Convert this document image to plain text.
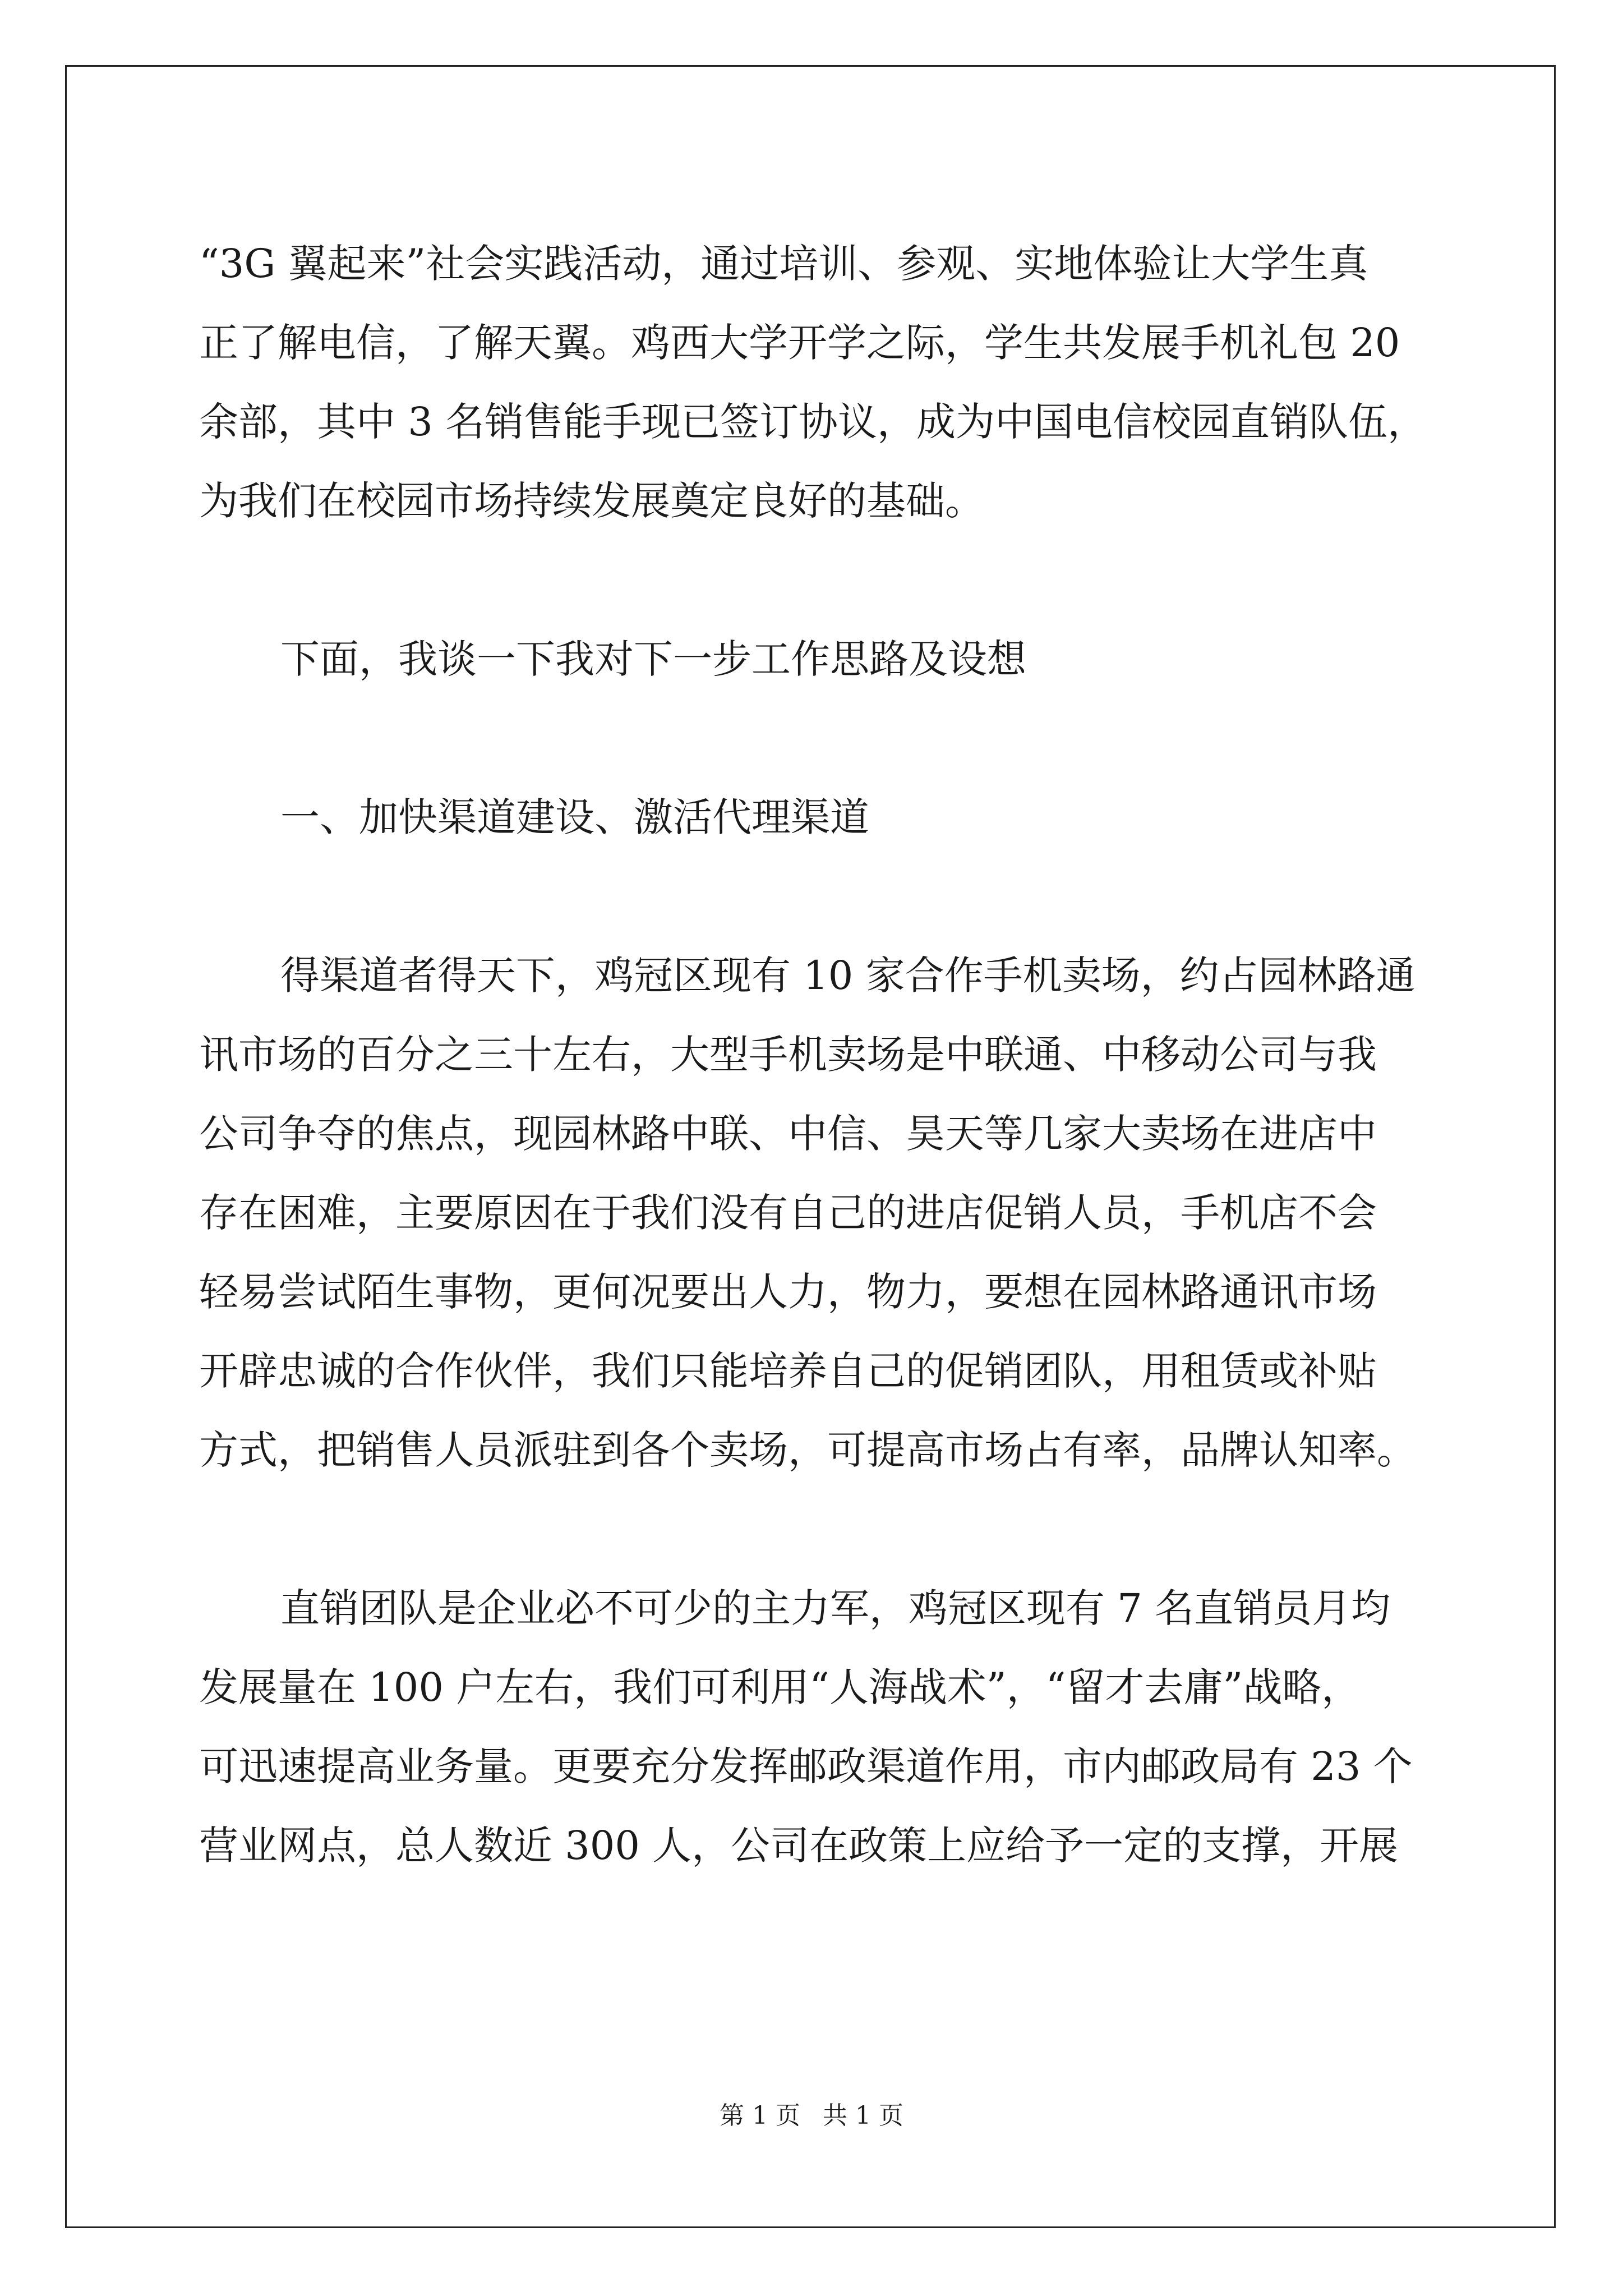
“3G 翼起来”社会实践活动，通过培训、参观、实地体验让大学生真
正了解电信，了解天翼。鸡西大学开学之际，学生共发展手机礼包 20
余部，其中 3 名销售能手现已签订协议，成为中国电信校园直销队伍，
为我们在校园市场持续发展奠定良好的基础。
下面，我谈一下我对下一步工作思路及设想
一、加快渠道建设、激活代理渠道
得渠道者得天下，鸡冠区现有 10 家合作手机卖场，约占园林路通
讯市场的百分之三十左右，大型手机卖场是中联通、中移动公司与我
公司争夺的焦点，现园林路中联、中信、昊天等几家大卖场在进店中
存在困难，主要原因在于我们没有自己的进店促销人员，手机店不会
轻易尝试陌生事物，更何况要出人力，物力，要想在园林路通讯市场
开辟忠诚的合作伙伴，我们只能培养自己的促销团队，用租赁或补贴
方式，把销售人员派驻到各个卖场，可提高市场占有率，品牌认知率。
直销团队是企业必不可少的主力军，鸡冠区现有 7 名直销员月均
发展量在 100 户左右，我们可利用“人海战术”，“留才去庸”战略，
可迅速提高业务量。更要充分发挥邮政渠道作用，市内邮政局有 23 个
营业网点，总人数近 300 人，公司在政策上应给予一定的支撑，开展
第 1 页 共 1 页
